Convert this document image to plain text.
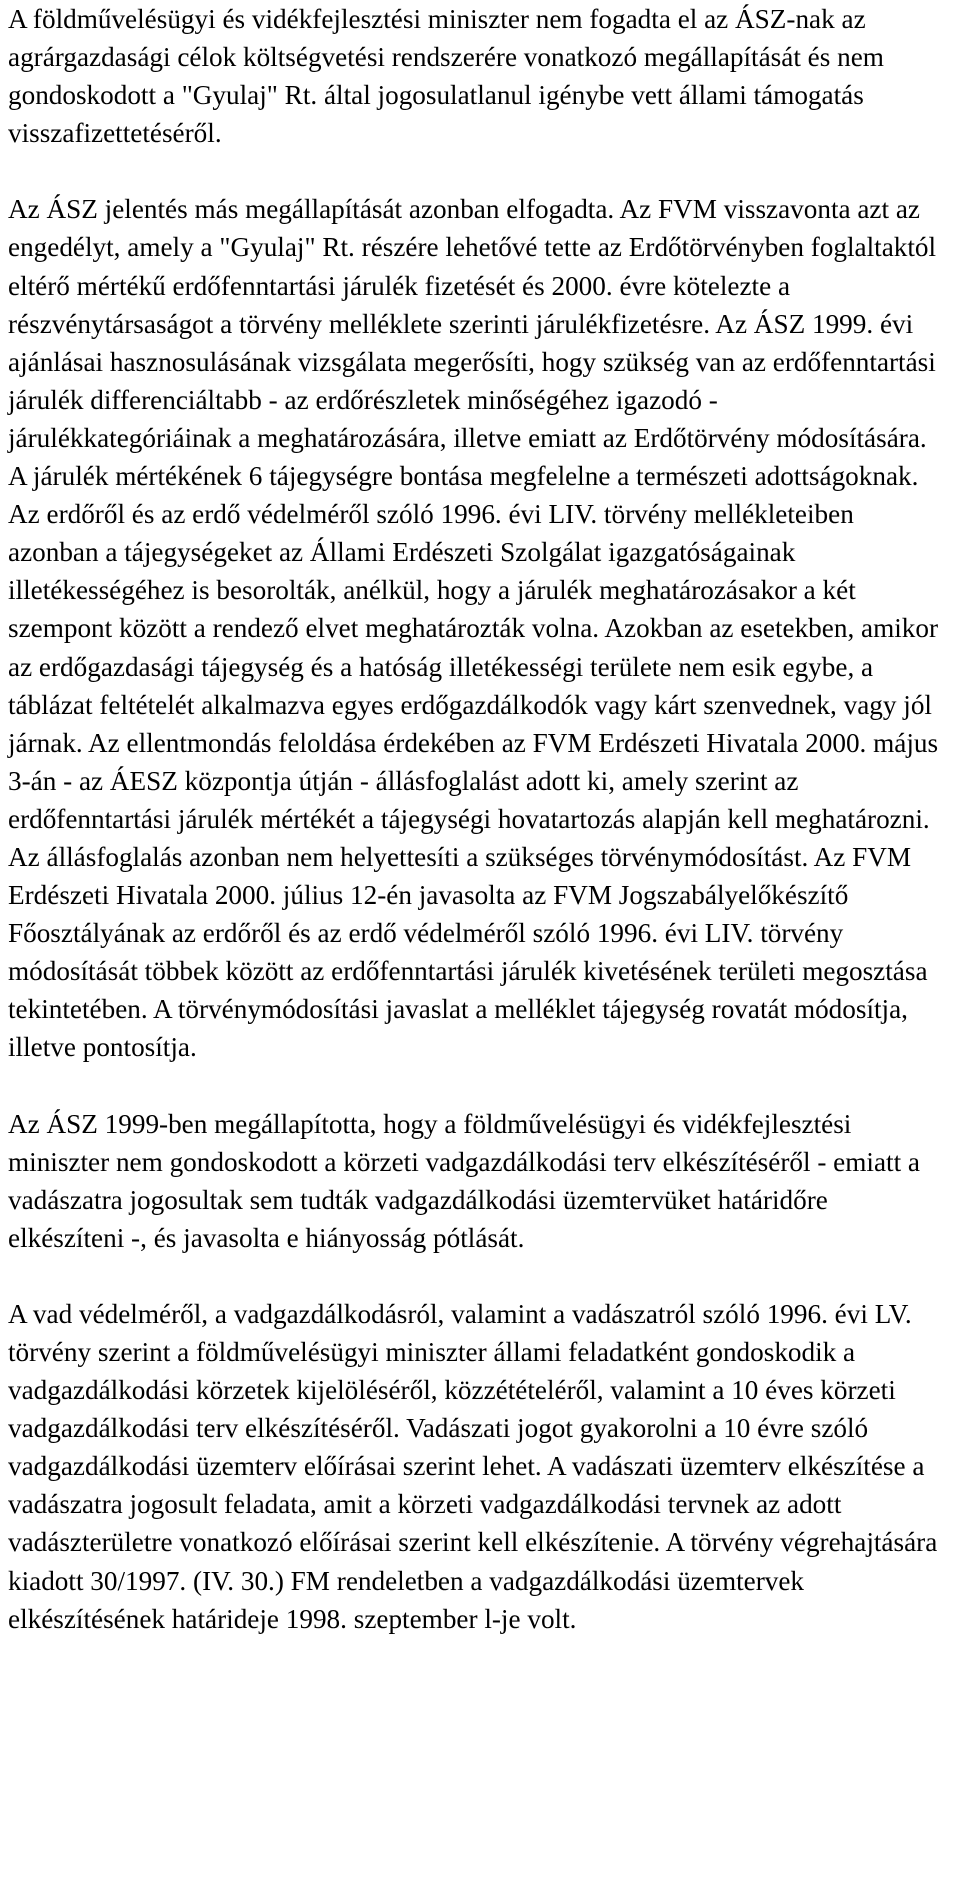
A földművelésügyi és vidékfejlesztési miniszter nem fogadta el az ÁSZ-nak az agrárgazdasági célok költségvetési rendszerére vonatkozó megállapítását és nem gondoskodott a "Gyulaj" Rt. által jogosulatlanul igénybe vett állami támogatás visszafizettetéséről.

Az ÁSZ jelentés más megállapítását azonban elfogadta. Az FVM visszavonta azt az engedélyt, amely a "Gyulaj" Rt. részére lehetővé tette az Erdőtörvényben foglaltaktól eltérő mértékű erdőfenntartási járulék fizetését és 2000. évre kötelezte a részvénytársaságot a törvény melléklete szerinti járulékfizetésre. Az ÁSZ 1999. évi ajánlásai hasznosulásának vizsgálata megerősíti, hogy szükség van az erdőfenntartási járulék differenciáltabb - az erdőrészletek minőségéhez igazodó - járulékkategóriáinak a meghatározására, illetve emiatt az Erdőtörvény módosítására. A járulék mértékének 6 tájegységre bontása megfelelne a természeti adottságoknak. Az erdőről és az erdő védelméről szóló 1996. évi LIV. törvény mellékleteiben azonban a tájegységeket az Állami Erdészeti Szolgálat igazgatóságainak illetékességéhez is besorolták, anélkül, hogy a járulék meghatározásakor a két szempont között a rendező elvet meghatározták volna. Azokban az esetekben, amikor az erdőgazdasági tájegység és a hatóság illetékességi területe nem esik egybe, a táblázat feltételét alkalmazva egyes erdőgazdálkodók vagy kárt szenvednek, vagy jól járnak. Az ellentmondás feloldása érdekében az FVM Erdészeti Hivatala 2000. május 3-án - az ÁESZ központja útján - állásfoglalást adott ki, amely szerint az erdőfenntartási járulék mértékét a tájegységi hovatartozás alapján kell meghatározni. Az állásfoglalás azonban nem helyettesíti a szükséges törvénymódosítást. Az FVM Erdészeti Hivatala 2000. július 12-én javasolta az FVM Jogszabályelőkészítő Főosztályának az erdőről és az erdő védelméről szóló 1996. évi LIV. törvény módosítását többek között az erdőfenntartási járulék kivetésének területi megosztása tekintetében. A törvénymódosítási javaslat a melléklet tájegység rovatát módosítja, illetve pontosítja.

Az ÁSZ 1999-ben megállapította, hogy a földművelésügyi és vidékfejlesztési miniszter nem gondoskodott a körzeti vadgazdálkodási terv elkészítéséről - emiatt a vadászatra jogosultak sem tudták vadgazdálkodási üzemtervüket határidőre elkészíteni -, és javasolta e hiányosság pótlását.

A vad védelméről, a vadgazdálkodásról, valamint a vadászatról szóló 1996. évi LV. törvény szerint a földművelésügyi miniszter állami feladatként gondoskodik a vadgazdálkodási körzetek kijelöléséről, közzétételéről, valamint a 10 éves körzeti vadgazdálkodási terv elkészítéséről. Vadászati jogot gyakorolni a 10 évre szóló vadgazdálkodási üzemterv előírásai szerint lehet. A vadászati üzemterv elkészítése a vadászatra jogosult feladata, amit a körzeti vadgazdálkodási tervnek az adott vadászterületre vonatkozó előírásai szerint kell elkészítenie. A törvény végrehajtására kiadott 30/1997. (IV. 30.) FM rendeletben a vadgazdálkodási üzemtervek elkészítésének határideje 1998. szeptember l-je volt.
